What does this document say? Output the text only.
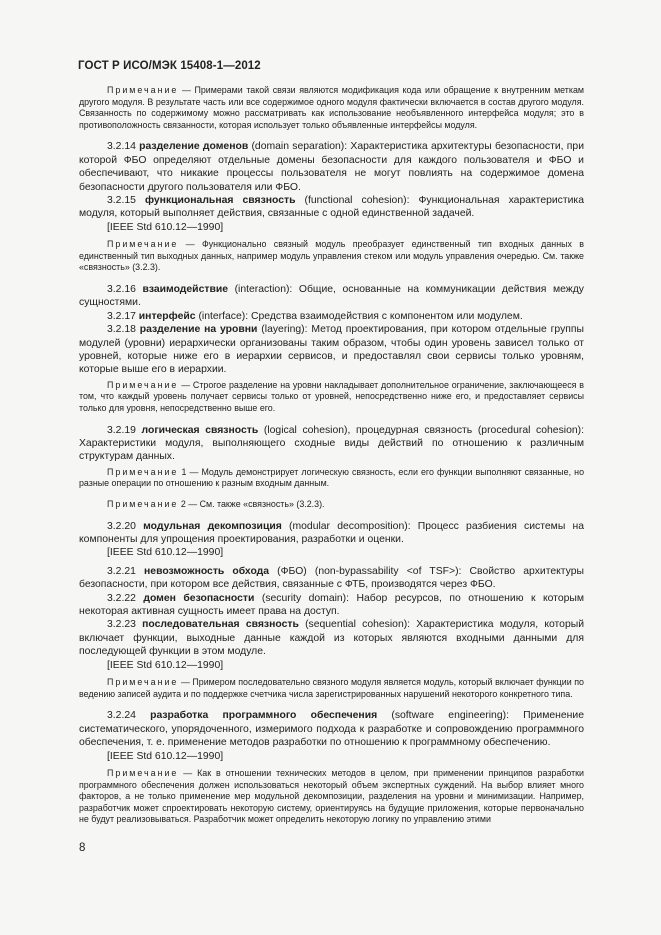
ГОСТ Р ИСО/МЭК 15408-1—2012

Примечание — Примерами такой связи являются модификация кода или обращение к внутренним меткам другого модуля. В результате часть или все содержимое одного модуля фактически включается в состав другого модуля. Связанность по содержимому можно рассматривать как использование необъявленного интерфейса модуля; это в противоположность связанности, которая использует только объявленные интерфейсы модуля.

3.2.14 разделение доменов (domain separation): Характеристика архитектуры безопасности, при которой ФБО определяют отдельные домены безопасности для каждого пользователя и ФБО и обеспечивают, что никакие процессы пользователя не могут повлиять на содержимое домена безопасности другого пользователя или ФБО.

3.2.15 функциональная связность (functional cohesion): Функциональная характеристика модуля, который выполняет действия, связанные с одной единственной задачей.

[IEEE Std 610.12—1990]

Примечание — Функционально связный модуль преобразует единственный тип входных данных в единственный тип выходных данных, например модуль управления стеком или модуль управления очередью. См. также «связность» (3.2.3).

3.2.16 взаимодействие (interaction): Общие, основанные на коммуникации действия между сущностями.

3.2.17 интерфейс (interface): Средства взаимодействия с компонентом или модулем.

3.2.18 разделение на уровни (layering): Метод проектирования, при котором отдельные группы модулей (уровни) иерархически организованы таким образом, чтобы один уровень зависел только от уровней, которые ниже его в иерархии сервисов, и предоставлял свои сервисы только уровням, которые выше его в иерархии.

Примечание — Строгое разделение на уровни накладывает дополнительное ограничение, заключающееся в том, что каждый уровень получает сервисы только от уровней, непосредственно ниже его, и предоставляет сервисы только для уровня, непосредственно выше его.

3.2.19 логическая связность (logical cohesion), процедурная связность (procedural cohesion): Характеристики модуля, выполняющего сходные виды действий по отношению к различным структурам данных.

Примечание 1 — Модуль демонстрирует логическую связность, если его функции выполняют связанные, но разные операции по отношению к разным входным данным.

Примечание 2 — См. также «связность» (3.2.3).

3.2.20 модульная декомпозиция (modular decomposition): Процесс разбиения системы на компоненты для упрощения проектирования, разработки и оценки.

[IEEE Std 610.12—1990]

3.2.21 невозможность обхода (ФБО) (non-bypassability <of TSF>): Свойство архитектуры безопасности, при котором все действия, связанные с ФТБ, производятся через ФБО.

3.2.22 домен безопасности (security domain): Набор ресурсов, по отношению к которым некоторая активная сущность имеет права на доступ.

3.2.23 последовательная связность (sequential cohesion): Характеристика модуля, который включает функции, выходные данные каждой из которых являются входными данными для последующей функции в этом модуле.

[IEEE Std 610.12—1990]

Примечание — Примером последовательно связного модуля является модуль, который включает функции по ведению записей аудита и по поддержке счетчика числа зарегистрированных нарушений некоторого конкретного типа.

3.2.24 разработка программного обеспечения (software engineering): Применение систематического, упорядоченного, измеримого подхода к разработке и сопровождению программного обеспечения, т. е. применение методов разработки по отношению к программному обеспечению.

[IEEE Std 610.12—1990]

Примечание — Как в отношении технических методов в целом, при применении принципов разработки программного обеспечения должен использоваться некоторый объем экспертных суждений. На выбор влияет много факторов, а не только применение мер модульной декомпозиции, разделения на уровни и минимизации. Например, разработчик может спроектировать некоторую систему, ориентируясь на будущие приложения, которые первоначально не будут реализовываться. Разработчик может определить некоторую логику по управлению этими

8
